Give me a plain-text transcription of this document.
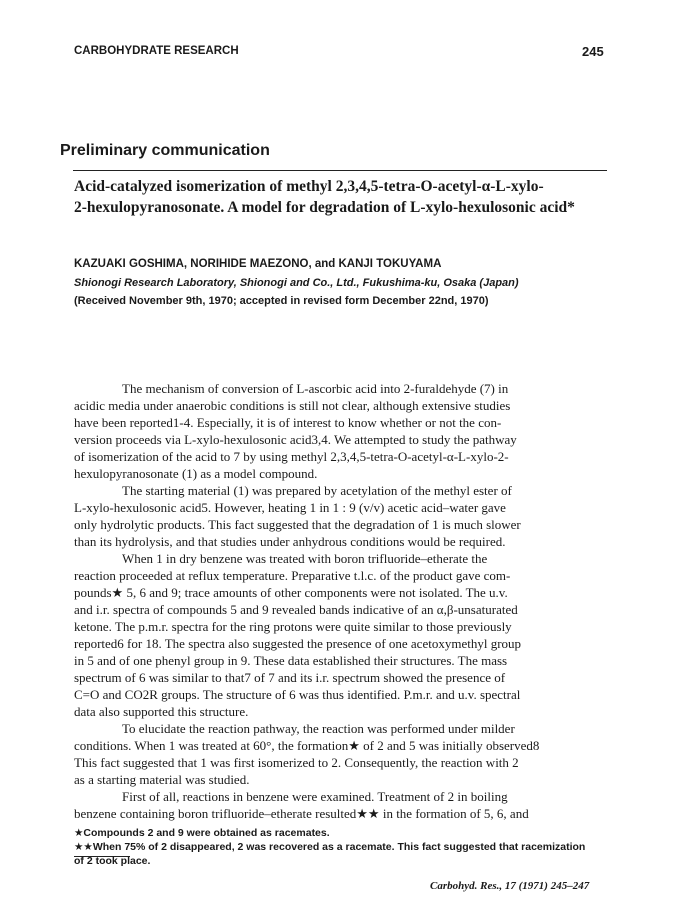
CARBOHYDRATE RESEARCH	245
Preliminary communication
Acid-catalyzed isomerization of methyl 2,3,4,5-tetra-O-acetyl-α-L-xylo-
2-hexulopyranosonate. A model for degradation of L-xylo-hexulosonic acid*
KAZUAKI GOSHIMA, NORIHIDE MAEZONO, and KANJI TOKUYAMA
Shionogi Research Laboratory, Shionogi and Co., Ltd., Fukushima-ku, Osaka (Japan)
(Received November 9th, 1970; accepted in revised form December 22nd, 1970)
The mechanism of conversion of L-ascorbic acid into 2-furaldehyde (7) in
acidic media under anaerobic conditions is still not clear, although extensive studies
have been reported1-4. Especially, it is of interest to know whether or not the con-
version proceeds via L-xylo-hexulosonic acid3,4. We attempted to study the pathway
of isomerization of the acid to 7 by using methyl 2,3,4,5-tetra-O-acetyl-α-L-xylo-2-
hexulopyranosonate (1) as a model compound.
The starting material (1) was prepared by acetylation of the methyl ester of
L-xylo-hexulosonic acid5. However, heating 1 in 1 : 9 (v/v) acetic acid–water gave
only hydrolytic products. This fact suggested that the degradation of 1 is much slower
than its hydrolysis, and that studies under anhydrous conditions would be required.
When 1 in dry benzene was treated with boron trifluoride–etherate the
reaction proceeded at reflux temperature. Preparative t.l.c. of the product gave com-
pounds★ 5, 6 and 9; trace amounts of other components were not isolated. The u.v.
and i.r. spectra of compounds 5 and 9 revealed bands indicative of an α,β-unsaturated
ketone. The p.m.r. spectra for the ring protons were quite similar to those previously
reported6 for 18. The spectra also suggested the presence of one acetoxymethyl group
in 5 and of one phenyl group in 9. These data established their structures. The mass
spectrum of 6 was similar to that7 of 7 and its i.r. spectrum showed the presence of
C=O and CO2R groups. The structure of 6 was thus identified. P.m.r. and u.v. spectral
data also supported this structure.
To elucidate the reaction pathway, the reaction was performed under milder
conditions. When 1 was treated at 60°, the formation★ of 2 and 5 was initially observed8
This fact suggested that 1 was first isomerized to 2. Consequently, the reaction with 2
as a starting material was studied.
First of all, reactions in benzene were examined. Treatment of 2 in boiling
benzene containing boron trifluoride–etherate resulted★★ in the formation of 5, 6, and
★Compounds 2 and 9 were obtained as racemates.
★★When 75% of 2 disappeared, 2 was recovered as a racemate. This fact suggested that racemization
of 2 took place.
Carbohyd. Res., 17 (1971) 245–247
